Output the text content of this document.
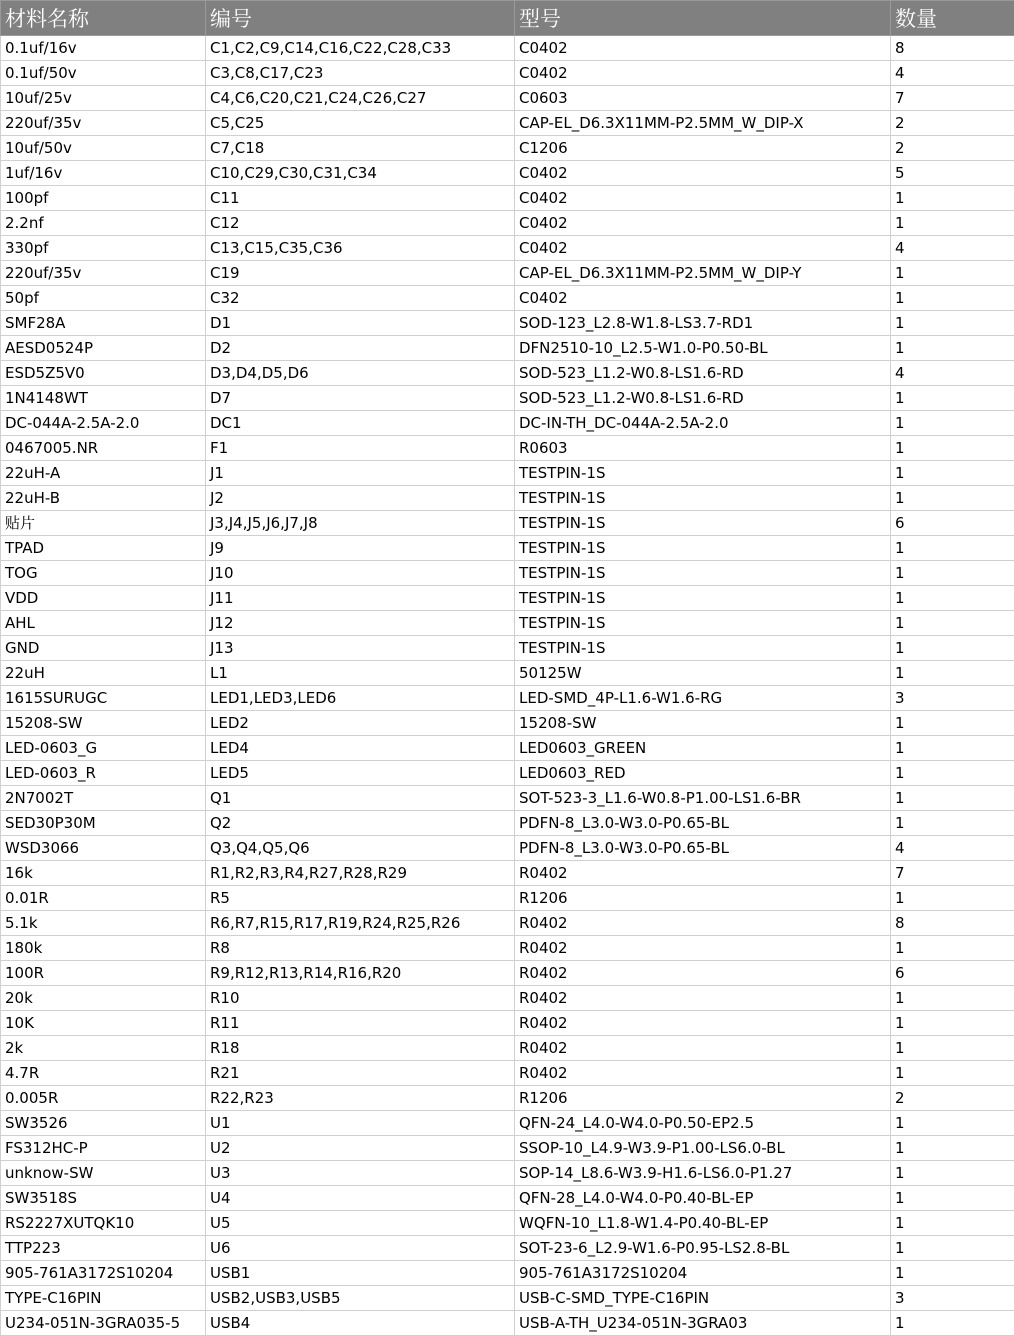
材料名称	编号	型号	数量
0.1uf/16v	C1,C2,C9,C14,C16,C22,C28,C33	C0402	8
0.1uf/50v	C3,C8,C17,C23	C0402	4
10uf/25v	C4,C6,C20,C21,C24,C26,C27	C0603	7
220uf/35v	C5,C25	CAP-EL_D6.3X11MM-P2.5MM_W_DIP-X	2
10uf/50v	C7,C18	C1206	2
1uf/16v	C10,C29,C30,C31,C34	C0402	5
100pf	C11	C0402	1
2.2nf	C12	C0402	1
330pf	C13,C15,C35,C36	C0402	4
220uf/35v	C19	CAP-EL_D6.3X11MM-P2.5MM_W_DIP-Y	1
50pf	C32	C0402	1
SMF28A	D1	SOD-123_L2.8-W1.8-LS3.7-RD1	1
AESD0524P	D2	DFN2510-10_L2.5-W1.0-P0.50-BL	1
ESD5Z5V0	D3,D4,D5,D6	SOD-523_L1.2-W0.8-LS1.6-RD	4
1N4148WT	D7	SOD-523_L1.2-W0.8-LS1.6-RD	1
DC-044A-2.5A-2.0	DC1	DC-IN-TH_DC-044A-2.5A-2.0	1
0467005.NR	F1	R0603	1
22uH-A	J1	TESTPIN-1S	1
22uH-B	J2	TESTPIN-1S	1
贴片	J3,J4,J5,J6,J7,J8	TESTPIN-1S	6
TPAD	J9	TESTPIN-1S	1
TOG	J10	TESTPIN-1S	1
VDD	J11	TESTPIN-1S	1
AHL	J12	TESTPIN-1S	1
GND	J13	TESTPIN-1S	1
22uH	L1	50125W	1
1615SURUGC	LED1,LED3,LED6	LED-SMD_4P-L1.6-W1.6-RG	3
15208-SW	LED2	15208-SW	1
LED-0603_G	LED4	LED0603_GREEN	1
LED-0603_R	LED5	LED0603_RED	1
2N7002T	Q1	SOT-523-3_L1.6-W0.8-P1.00-LS1.6-BR	1
SED30P30M	Q2	PDFN-8_L3.0-W3.0-P0.65-BL	1
WSD3066	Q3,Q4,Q5,Q6	PDFN-8_L3.0-W3.0-P0.65-BL	4
16k	R1,R2,R3,R4,R27,R28,R29	R0402	7
0.01R	R5	R1206	1
5.1k	R6,R7,R15,R17,R19,R24,R25,R26	R0402	8
180k	R8	R0402	1
100R	R9,R12,R13,R14,R16,R20	R0402	6
20k	R10	R0402	1
10K	R11	R0402	1
2k	R18	R0402	1
4.7R	R21	R0402	1
0.005R	R22,R23	R1206	2
SW3526	U1	QFN-24_L4.0-W4.0-P0.50-EP2.5	1
FS312HC-P	U2	SSOP-10_L4.9-W3.9-P1.00-LS6.0-BL	1
unknow-SW	U3	SOP-14_L8.6-W3.9-H1.6-LS6.0-P1.27	1
SW3518S	U4	QFN-28_L4.0-W4.0-P0.40-BL-EP	1
RS2227XUTQK10	U5	WQFN-10_L1.8-W1.4-P0.40-BL-EP	1
TTP223	U6	SOT-23-6_L2.9-W1.6-P0.95-LS2.8-BL	1
905-761A3172S10204	USB1	905-761A3172S10204	1
TYPE-C16PIN	USB2,USB3,USB5	USB-C-SMD_TYPE-C16PIN	3
U234-051N-3GRA035-5	USB4	USB-A-TH_U234-051N-3GRA03	1
